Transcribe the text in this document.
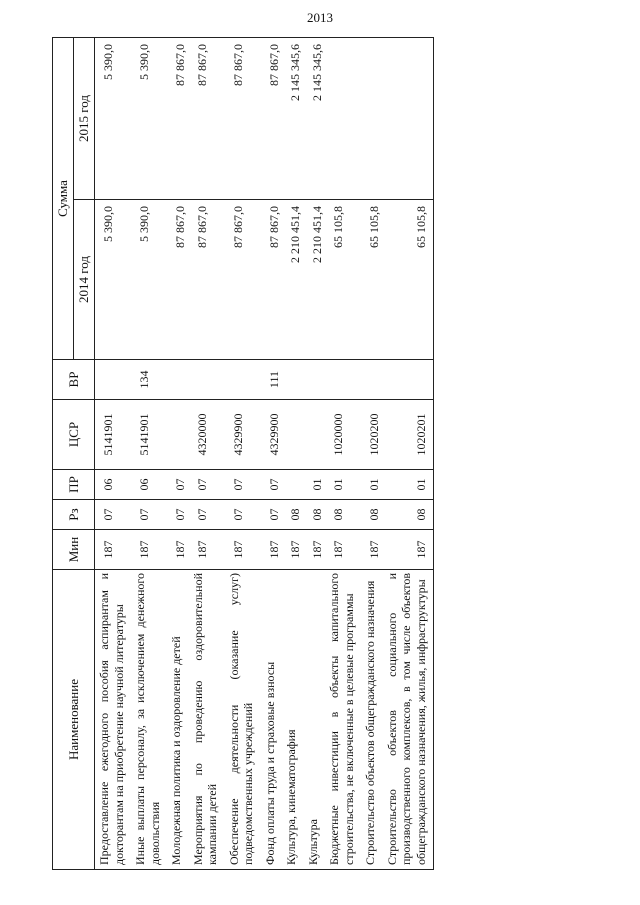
2013
Наименование	Мин	Рз	ПР	ЦСР	ВР	Сумма	
						2014 год	2015 год
Предоставление ежегодного пособия аспирантам и докторантам на приобретение научной литературы	187	07	06	5141901		5 390,0	5 390,0
Иные выплаты персоналу, за исключением денежного довольствия	187	07	06	5141901	134	5 390,0	5 390,0
Молодежная политика и оздоровление детей	187	07	07			87 867,0	87 867,0
Мероприятия по проведению оздоровительной кампании детей	187	07	07	4320000		87 867,0	87 867,0
Обеспечение деятельности (оказание услуг) подведомственных учреждений	187	07	07	4329900		87 867,0	87 867,0
Фонд оплаты труда и страховые взносы	187	07	07	4329900	111	87 867,0	87 867,0
Культура, кинематография	187	08				2 210 451,4	2 145 345,6
Культура	187	08	01			2 210 451,4	2 145 345,6
Бюджетные инвестиции в объекты капитального строительства, не включенные в целевые программы	187	08	01	1020000		65 105,8	
Строительство объектов общегражданского назначения	187	08	01	1020200		65 105,8	
Строительство объектов социального и производственного комплексов, в том числе объектов общегражданского назначения, жилья, инфраструктуры	187	08	01	1020201		65 105,8	
